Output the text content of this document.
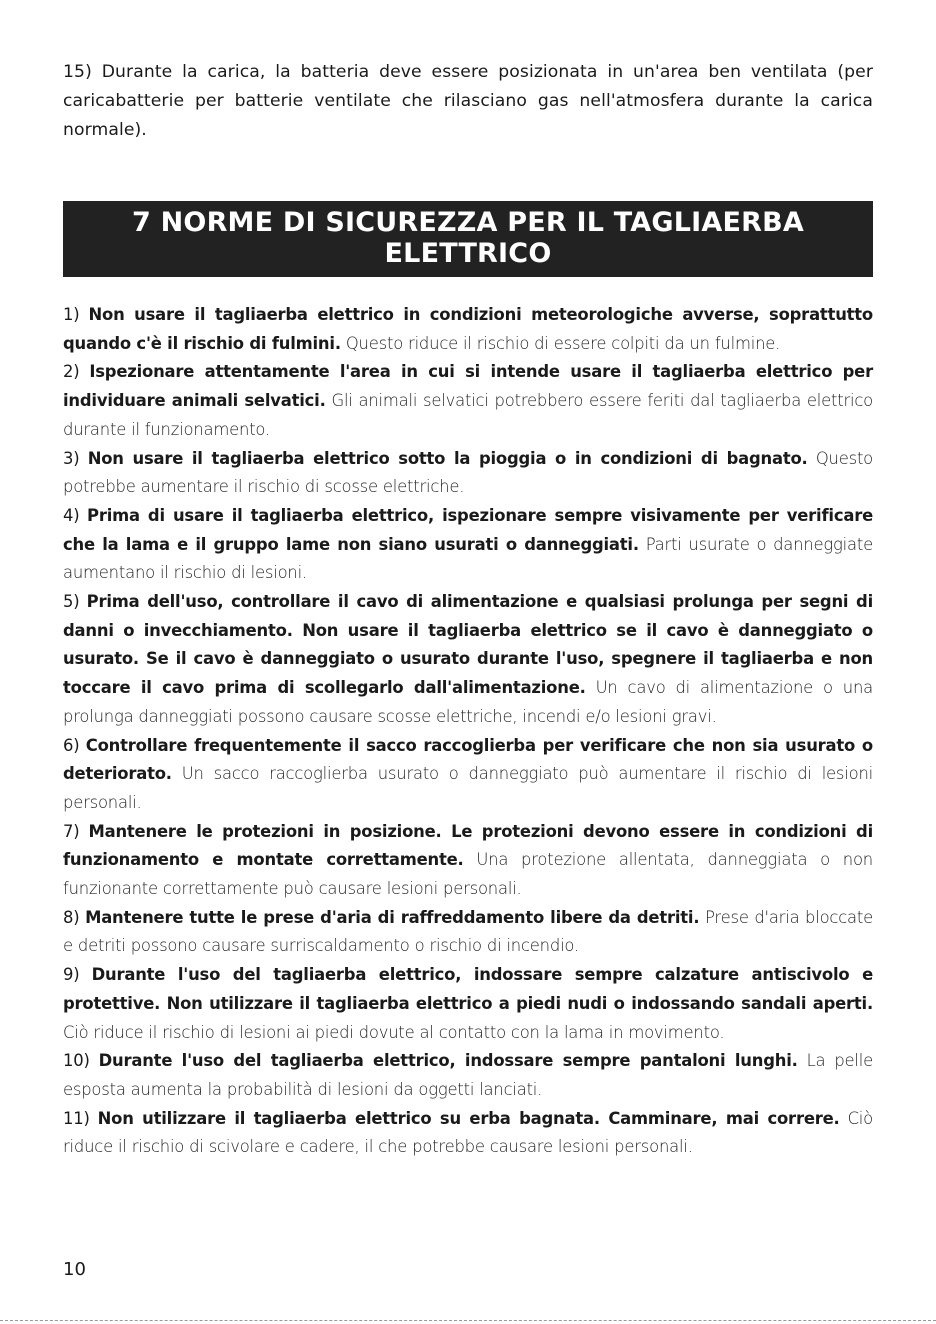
15) Durante la carica, la batteria deve essere posizionata in un'area ben ventilata (per caricabatterie per batterie ventilate che rilasciano gas nell'atmosfera durante la carica normale).

7 NORME DI SICUREZZA PER IL TAGLIAERBA
ELETTRICO

1) Non usare il tagliaerba elettrico in condizioni meteorologiche avverse, soprattutto quando c'è il rischio di fulmini. Questo riduce il rischio di essere colpiti da un fulmine.

2) Ispezionare attentamente l'area in cui si intende usare il tagliaerba elettrico per individuare animali selvatici. Gli animali selvatici potrebbero essere feriti dal tagliaerba elettrico durante il funzionamento.

3) Non usare il tagliaerba elettrico sotto la pioggia o in condizioni di bagnato. Questo potrebbe aumentare il rischio di scosse elettriche.

4) Prima di usare il tagliaerba elettrico, ispezionare sempre visivamente per verificare che la lama e il gruppo lame non siano usurati o danneggiati. Parti usurate o danneggiate aumentano il rischio di lesioni.

5) Prima dell'uso, controllare il cavo di alimentazione e qualsiasi prolunga per segni di danni o invecchiamento. Non usare il tagliaerba elettrico se il cavo è danneggiato o usurato. Se il cavo è danneggiato o usurato durante l'uso, spegnere il tagliaerba e non toccare il cavo prima di scollegarlo dall'alimentazione. Un cavo di alimentazione o una prolunga danneggiati possono causare scosse elettriche, incendi e/o lesioni gravi.

6) Controllare frequentemente il sacco raccoglierba per verificare che non sia usurato o deteriorato. Un sacco raccoglierba usurato o danneggiato può aumentare il rischio di lesioni personali.

7) Mantenere le protezioni in posizione. Le protezioni devono essere in condizioni di funzionamento e montate correttamente. Una protezione allentata, danneggiata o non funzionante correttamente può causare lesioni personali.

8) Mantenere tutte le prese d'aria di raffreddamento libere da detriti. Prese d'aria bloccate e detriti possono causare surriscaldamento o rischio di incendio.

9) Durante l'uso del tagliaerba elettrico, indossare sempre calzature antiscivolo e protettive. Non utilizzare il tagliaerba elettrico a piedi nudi o indossando sandali aperti. Ciò riduce il rischio di lesioni ai piedi dovute al contatto con la lama in movimento.

10) Durante l'uso del tagliaerba elettrico, indossare sempre pantaloni lunghi. La pelle esposta aumenta la probabilità di lesioni da oggetti lanciati.

11) Non utilizzare il tagliaerba elettrico su erba bagnata. Camminare, mai correre. Ciò riduce il rischio di scivolare e cadere, il che potrebbe causare lesioni personali.

10
